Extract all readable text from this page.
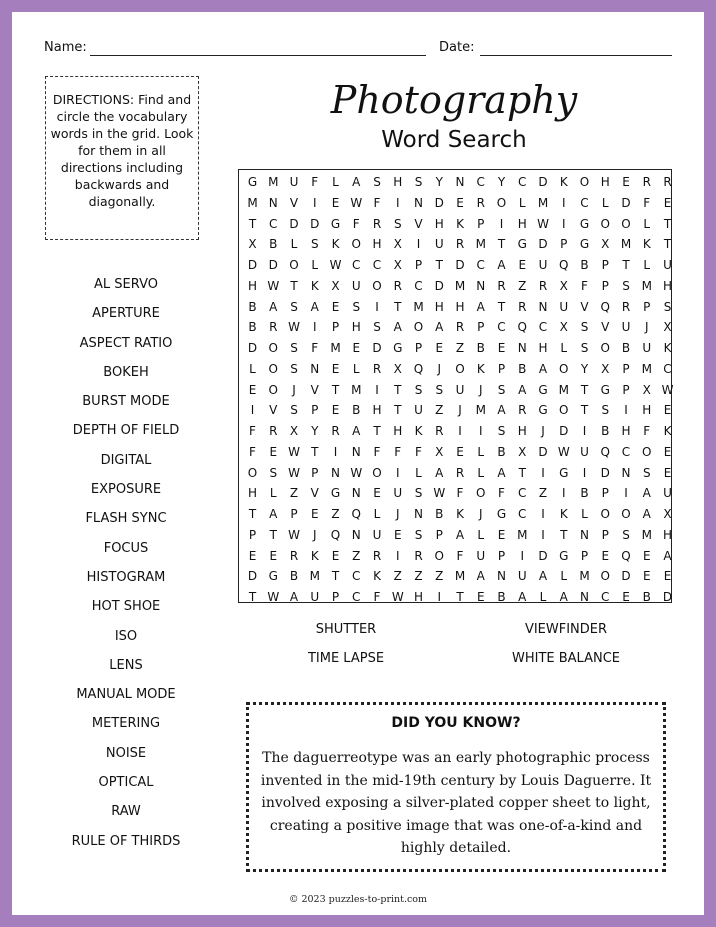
Name:	Date:
DIRECTIONS: Find and circle the vocabulary words in the grid. Look for them in all directions including backwards and diagonally.
Photography
Word Search
AL SERVO
APERTURE
ASPECT RATIO
BOKEH
BURST MODE
DEPTH OF FIELD
DIGITAL
EXPOSURE
FLASH SYNC
FOCUS
HISTOGRAM
HOT SHOE
ISO
LENS
MANUAL MODE
METERING
NOISE
OPTICAL
RAW
RULE OF THIRDS
G M U	F	L	A	S	H	S	Y	N	C	Y	C D	K	O H	E	R	R
M N	V	I	E W F	I	N D	E	R O	L	M	I	C	L	D	F	E
T	C D D G	F	R	S	V	H	K	P	I	H W	I	G O O	L	T
X	B	L	S	K	O H	X	I	U	R M T	G D	P	G X M K	T
D D O	L W C	C	X	P	T	D C	A	E	U Q B	P	T	L	U
H W T	K	X	U O R	C D M N	R	Z	R	X	F	P	S M H
B	A	S	A	E	S	I	T M H H	A	T	R	N U	V Q R	P	S
B	R W	I	P	H	S	A O A	R	P	C Q C	X	S	V	U	J	X
D O	S	F	M E	D G	P	E	Z	B	E	N H	L	S	O B	U	K
L	O	S	N	E	L	R	X Q	J	O	K	P	B	A O	Y	X	P M C
E	O	J	V	T M	I	T	S	S	U	J	S	A G M T	G	P	X W
I	V	S	P	E	B	H	T	U	Z	J	M A	R G O	T	S	I	H	E
F	R	X	Y	R	A	T	H	K	R	I	I	S	H	J	D	I	B	H	F	K
F	E W T	I	N	F	F	F	X	E	L	B	X	D W U Q C O	E
O	S W P	N W O	I	L	A	R	L	A	T	I	G	I	D N	S	E
H	L	Z	V G N	E	U	S W F	O	F	C	Z	I	B	P	I	A	U
T	A	P	E	Z Q	L	J	N	B	K	J	G C	I	K	L	O O A	X
P	T W	J	Q N U	E	S	P	A	L	E M	I	T	N	P	S M H
E	E	R	K	E	Z	R	I	R O	F	U	P	I	D G	P	E	Q	E	A
D G B M T	C	K	Z	Z	Z M A	N U	A	L	M O D	E	E
T W A	U	P	C	F W H	I	T	E	B	A	L	A	N	C	E	B	D
SHUTTER	VIEWFINDER
TIME LAPSE	WHITE BALANCE
DID YOU KNOW?
The daguerreotype was an early photographic process invented in the mid-19th century by Louis Daguerre. It involved exposing a silver-plated copper sheet to light, creating a positive image that was one-of-a-kind and highly detailed.
© 2023 puzzles-to-print.com
